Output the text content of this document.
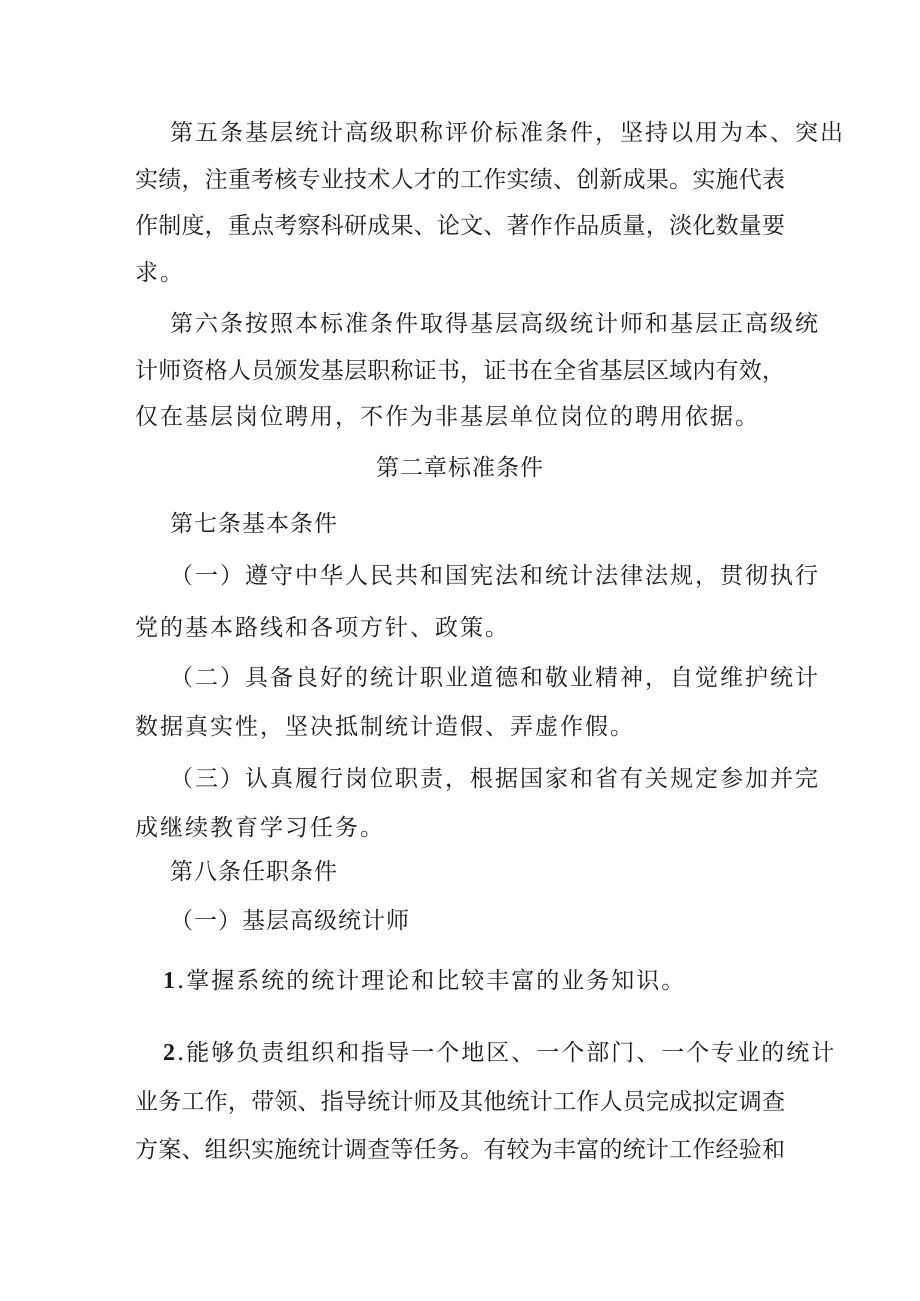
第五条基层统计高级职称评价标准条件，坚持以用为本、突出
实绩，注重考核专业技术人才的工作实绩、创新成果。实施代表
作制度，重点考察科研成果、论文、著作作品质量，淡化数量要
求。
第六条按照本标准条件取得基层高级统计师和基层正高级统
计师资格人员颁发基层职称证书，证书在全省基层区域内有效，
仅在基层岗位聘用，不作为非基层单位岗位的聘用依据。
第二章标准条件
第七条基本条件
（一）遵守中华人民共和国宪法和统计法律法规，贯彻执行
党的基本路线和各项方针、政策。
（二）具备良好的统计职业道德和敬业精神，自觉维护统计
数据真实性，坚决抵制统计造假、弄虚作假。
（三）认真履行岗位职责，根据国家和省有关规定参加并完
成继续教育学习任务。
第八条任职条件
（一）基层高级统计师
1.掌握系统的统计理论和比较丰富的业务知识。
2.能够负责组织和指导一个地区、一个部门、一个专业的统计
业务工作，带领、指导统计师及其他统计工作人员完成拟定调查
方案、组织实施统计调查等任务。有较为丰富的统计工作经验和
